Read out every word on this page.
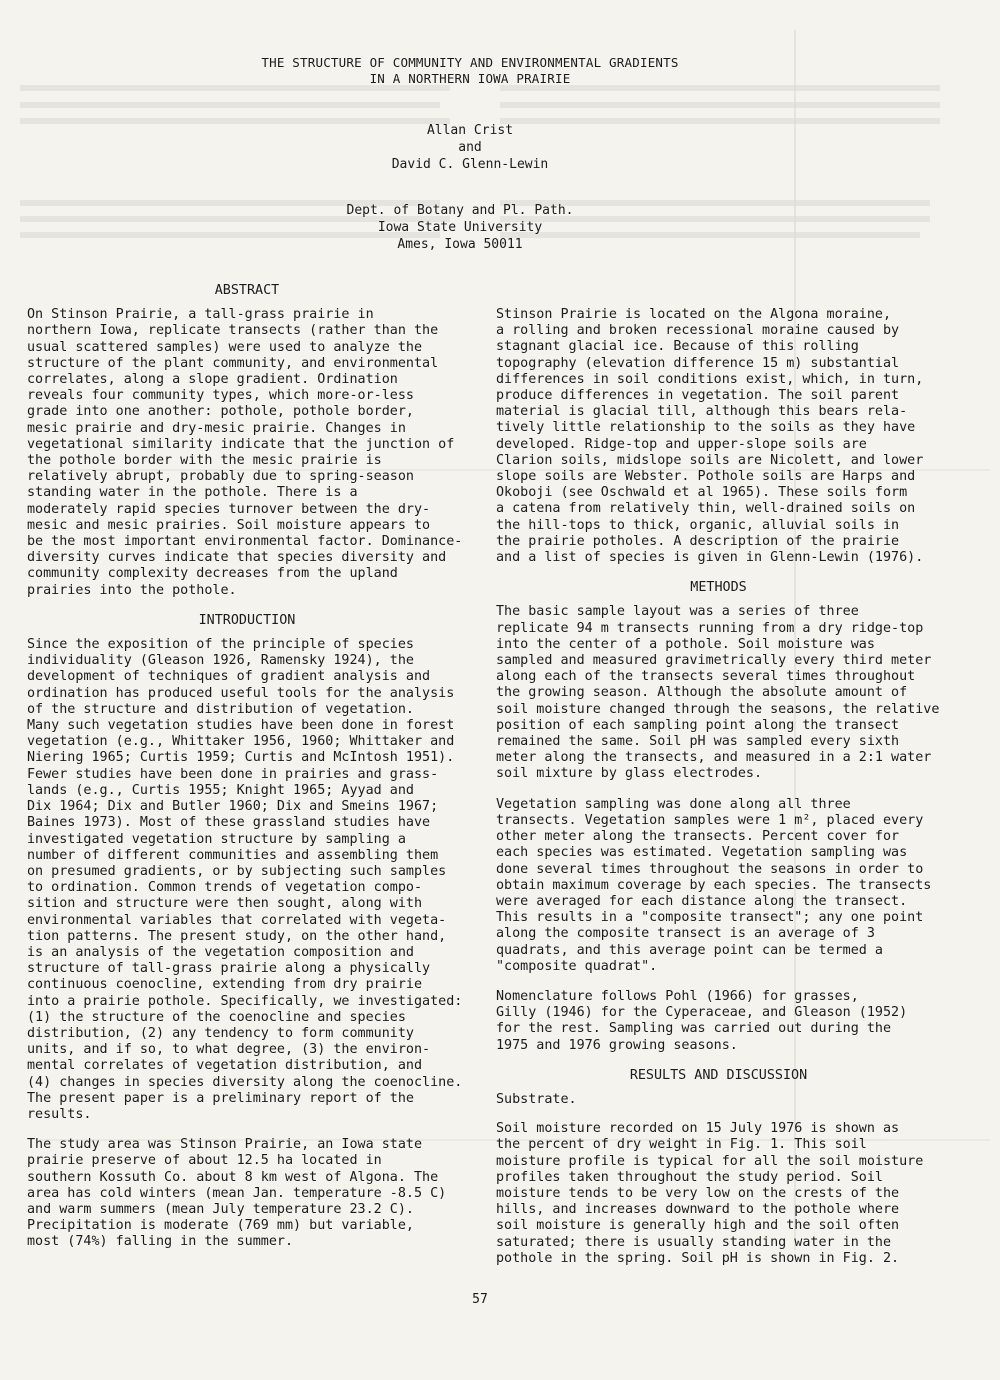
THE STRUCTURE OF COMMUNITY AND ENVIRONMENTAL GRADIENTS
IN A NORTHERN IOWA PRAIRIE
Allan Crist
and
David C. Glenn-Lewin
Dept. of Botany and Pl. Path.
Iowa State University
Ames, Iowa 50011
ABSTRACT

On Stinson Prairie, a tall-grass prairie in
northern Iowa, replicate transects (rather than the
usual scattered samples) were used to analyze the
structure of the plant community, and environmental
correlates, along a slope gradient. Ordination
reveals four community types, which more-or-less
grade into one another: pothole, pothole border,
mesic prairie and dry-mesic prairie. Changes in
vegetational similarity indicate that the junction of
the pothole border with the mesic prairie is
relatively abrupt, probably due to spring-season
standing water in the pothole. There is a
moderately rapid species turnover between the dry-
mesic and mesic prairies. Soil moisture appears to
be the most important environmental factor. Dominance-
diversity curves indicate that species diversity and
community complexity decreases from the upland
prairies into the pothole.

INTRODUCTION

Since the exposition of the principle of species
individuality (Gleason 1926, Ramensky 1924), the
development of techniques of gradient analysis and
ordination has produced useful tools for the analysis
of the structure and distribution of vegetation.
Many such vegetation studies have been done in forest
vegetation (e.g., Whittaker 1956, 1960; Whittaker and
Niering 1965; Curtis 1959; Curtis and McIntosh 1951).
Fewer studies have been done in prairies and grass-
lands (e.g., Curtis 1955; Knight 1965; Ayyad and
Dix 1964; Dix and Butler 1960; Dix and Smeins 1967;
Baines 1973). Most of these grassland studies have
investigated vegetation structure by sampling a
number of different communities and assembling them
on presumed gradients, or by subjecting such samples
to ordination. Common trends of vegetation compo-
sition and structure were then sought, along with
environmental variables that correlated with vegeta-
tion patterns. The present study, on the other hand,
is an analysis of the vegetation composition and
structure of tall-grass prairie along a physically
continuous coenocline, extending from dry prairie
into a prairie pothole. Specifically, we investigated:
(1) the structure of the coenocline and species
distribution, (2) any tendency to form community
units, and if so, to what degree, (3) the environ-
mental correlates of vegetation distribution, and
(4) changes in species diversity along the coenocline.
The present paper is a preliminary report of the
results.

The study area was Stinson Prairie, an Iowa state
prairie preserve of about 12.5 ha located in
southern Kossuth Co. about 8 km west of Algona. The
area has cold winters (mean Jan. temperature -8.5 C)
and warm summers (mean July temperature 23.2 C).
Precipitation is moderate (769 mm) but variable,
most (74%) falling in the summer.

Stinson Prairie is located on the Algona moraine,
a rolling and broken recessional moraine caused by
stagnant glacial ice. Because of this rolling
topography (elevation difference 15 m) substantial
differences in soil conditions exist, which, in turn,
produce differences in vegetation. The soil parent
material is glacial till, although this bears rela-
tively little relationship to the soils as they have
developed. Ridge-top and upper-slope soils are
Clarion soils, midslope soils are Nicolett, and lower
slope soils are Webster. Pothole soils are Harps and
Okoboji (see Oschwald et al 1965). These soils form
a catena from relatively thin, well-drained soils on
the hill-tops to thick, organic, alluvial soils in
the prairie potholes. A description of the prairie
and a list of species is given in Glenn-Lewin (1976).

METHODS

The basic sample layout was a series of three
replicate 94 m transects running from a dry ridge-top
into the center of a pothole. Soil moisture was
sampled and measured gravimetrically every third meter
along each of the transects several times throughout
the growing season. Although the absolute amount of
soil moisture changed through the seasons, the relative
position of each sampling point along the transect
remained the same. Soil pH was sampled every sixth
meter along the transects, and measured in a 2:1 water
soil mixture by glass electrodes.

Vegetation sampling was done along all three
transects. Vegetation samples were 1 m², placed every
other meter along the transects. Percent cover for
each species was estimated. Vegetation sampling was
done several times throughout the seasons in order to
obtain maximum coverage by each species. The transects
were averaged for each distance along the transect.
This results in a "composite transect"; any one point
along the composite transect is an average of 3
quadrats, and this average point can be termed a
"composite quadrat".

Nomenclature follows Pohl (1966) for grasses,
Gilly (1946) for the Cyperaceae, and Gleason (1952)
for the rest. Sampling was carried out during the
1975 and 1976 growing seasons.

RESULTS AND DISCUSSION
Substrate.

Soil moisture recorded on 15 July 1976 is shown as
the percent of dry weight in Fig. 1. This soil
moisture profile is typical for all the soil moisture
profiles taken throughout the study period. Soil
moisture tends to be very low on the crests of the
hills, and increases downward to the pothole where
soil moisture is generally high and the soil often
saturated; there is usually standing water in the
pothole in the spring. Soil pH is shown in Fig. 2.

57
